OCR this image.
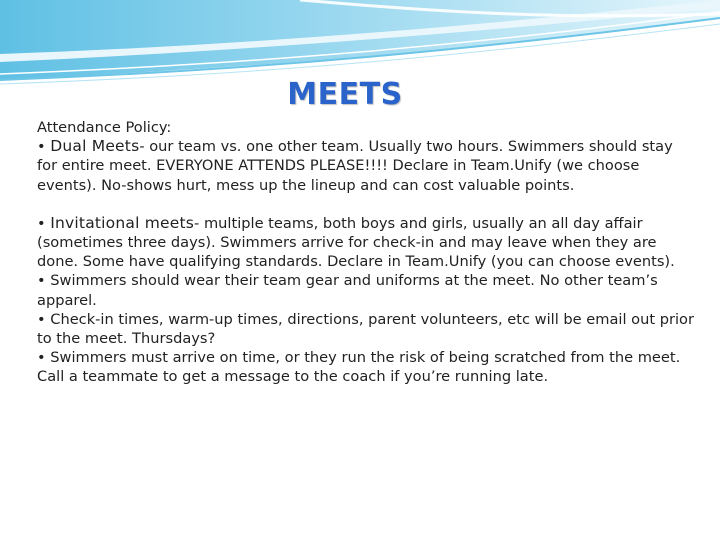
MEETS

Attendance Policy:

• Dual Meets- our team vs. one other team. Usually two hours. Swimmers should stay for entire meet. EVERYONE ATTENDS PLEASE!!!! Declare in Team.Unify (we choose events). No-shows hurt, mess up the lineup and can cost valuable points.

• Invitational meets- multiple teams, both boys and girls, usually an all day affair (sometimes three days). Swimmers arrive for check-in and may leave when they are done. Some have qualifying standards. Declare in Team.Unify (you can choose events).

• Swimmers should wear their team gear and uniforms at the meet. No other team’s apparel.

• Check-in times, warm-up times, directions, parent volunteers, etc will be email out prior to the meet. Thursdays?

• Swimmers must arrive on time, or they run the risk of being scratched from the meet. Call a teammate to get a message to the coach if you’re running late.
